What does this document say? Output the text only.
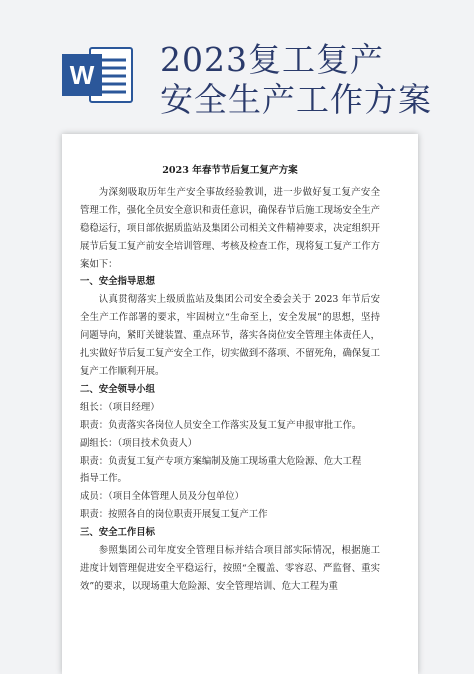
W 2023复工复产
安全生产工作方案
2023 年春节节后复工复产方案

为深刻吸取历年生产安全事故经验教训，进一步做好复工复产安全管理工作，强化全员安全意识和责任意识，确保春节后施工现场安全生产稳稳运行，项目部依据质监站及集团公司相关文件精神要求，决定组织开展节后复工复产前安全培训管理、考核及检查工作，现将复工复产工作方案如下：

一、安全指导思想

认真贯彻落实上级质监站及集团公司安全委会关于 2023 年节后安全生产工作部署的要求，牢固树立“生命至上，安全发展”的思想，坚持问题导向，紧盯关键装置、重点环节，落实各岗位安全管理主体责任人，扎实做好节后复工复产安全工作，切实做到不落项、不留死角，确保复工复产工作顺利开展。

二、安全领导小组

组长：（项目经理）

职责：负责落实各岗位人员安全工作落实及复工复产申报审批工作。

副组长：（项目技术负责人）

职责：负责复工复产专项方案编制及施工现场重大危险源、危大工程

指导工作。

成员：（项目全体管理人员及分包单位）

职责：按照各自的岗位职责开展复工复产工作

三、安全工作目标

参照集团公司年度安全管理目标并结合项目部实际情况，根据施工进度计划管理促进安全平稳运行，按照“全覆盖、零容忍、严监督、重实效”的要求，以现场重大危险源、安全管理培训、危大工程为重
